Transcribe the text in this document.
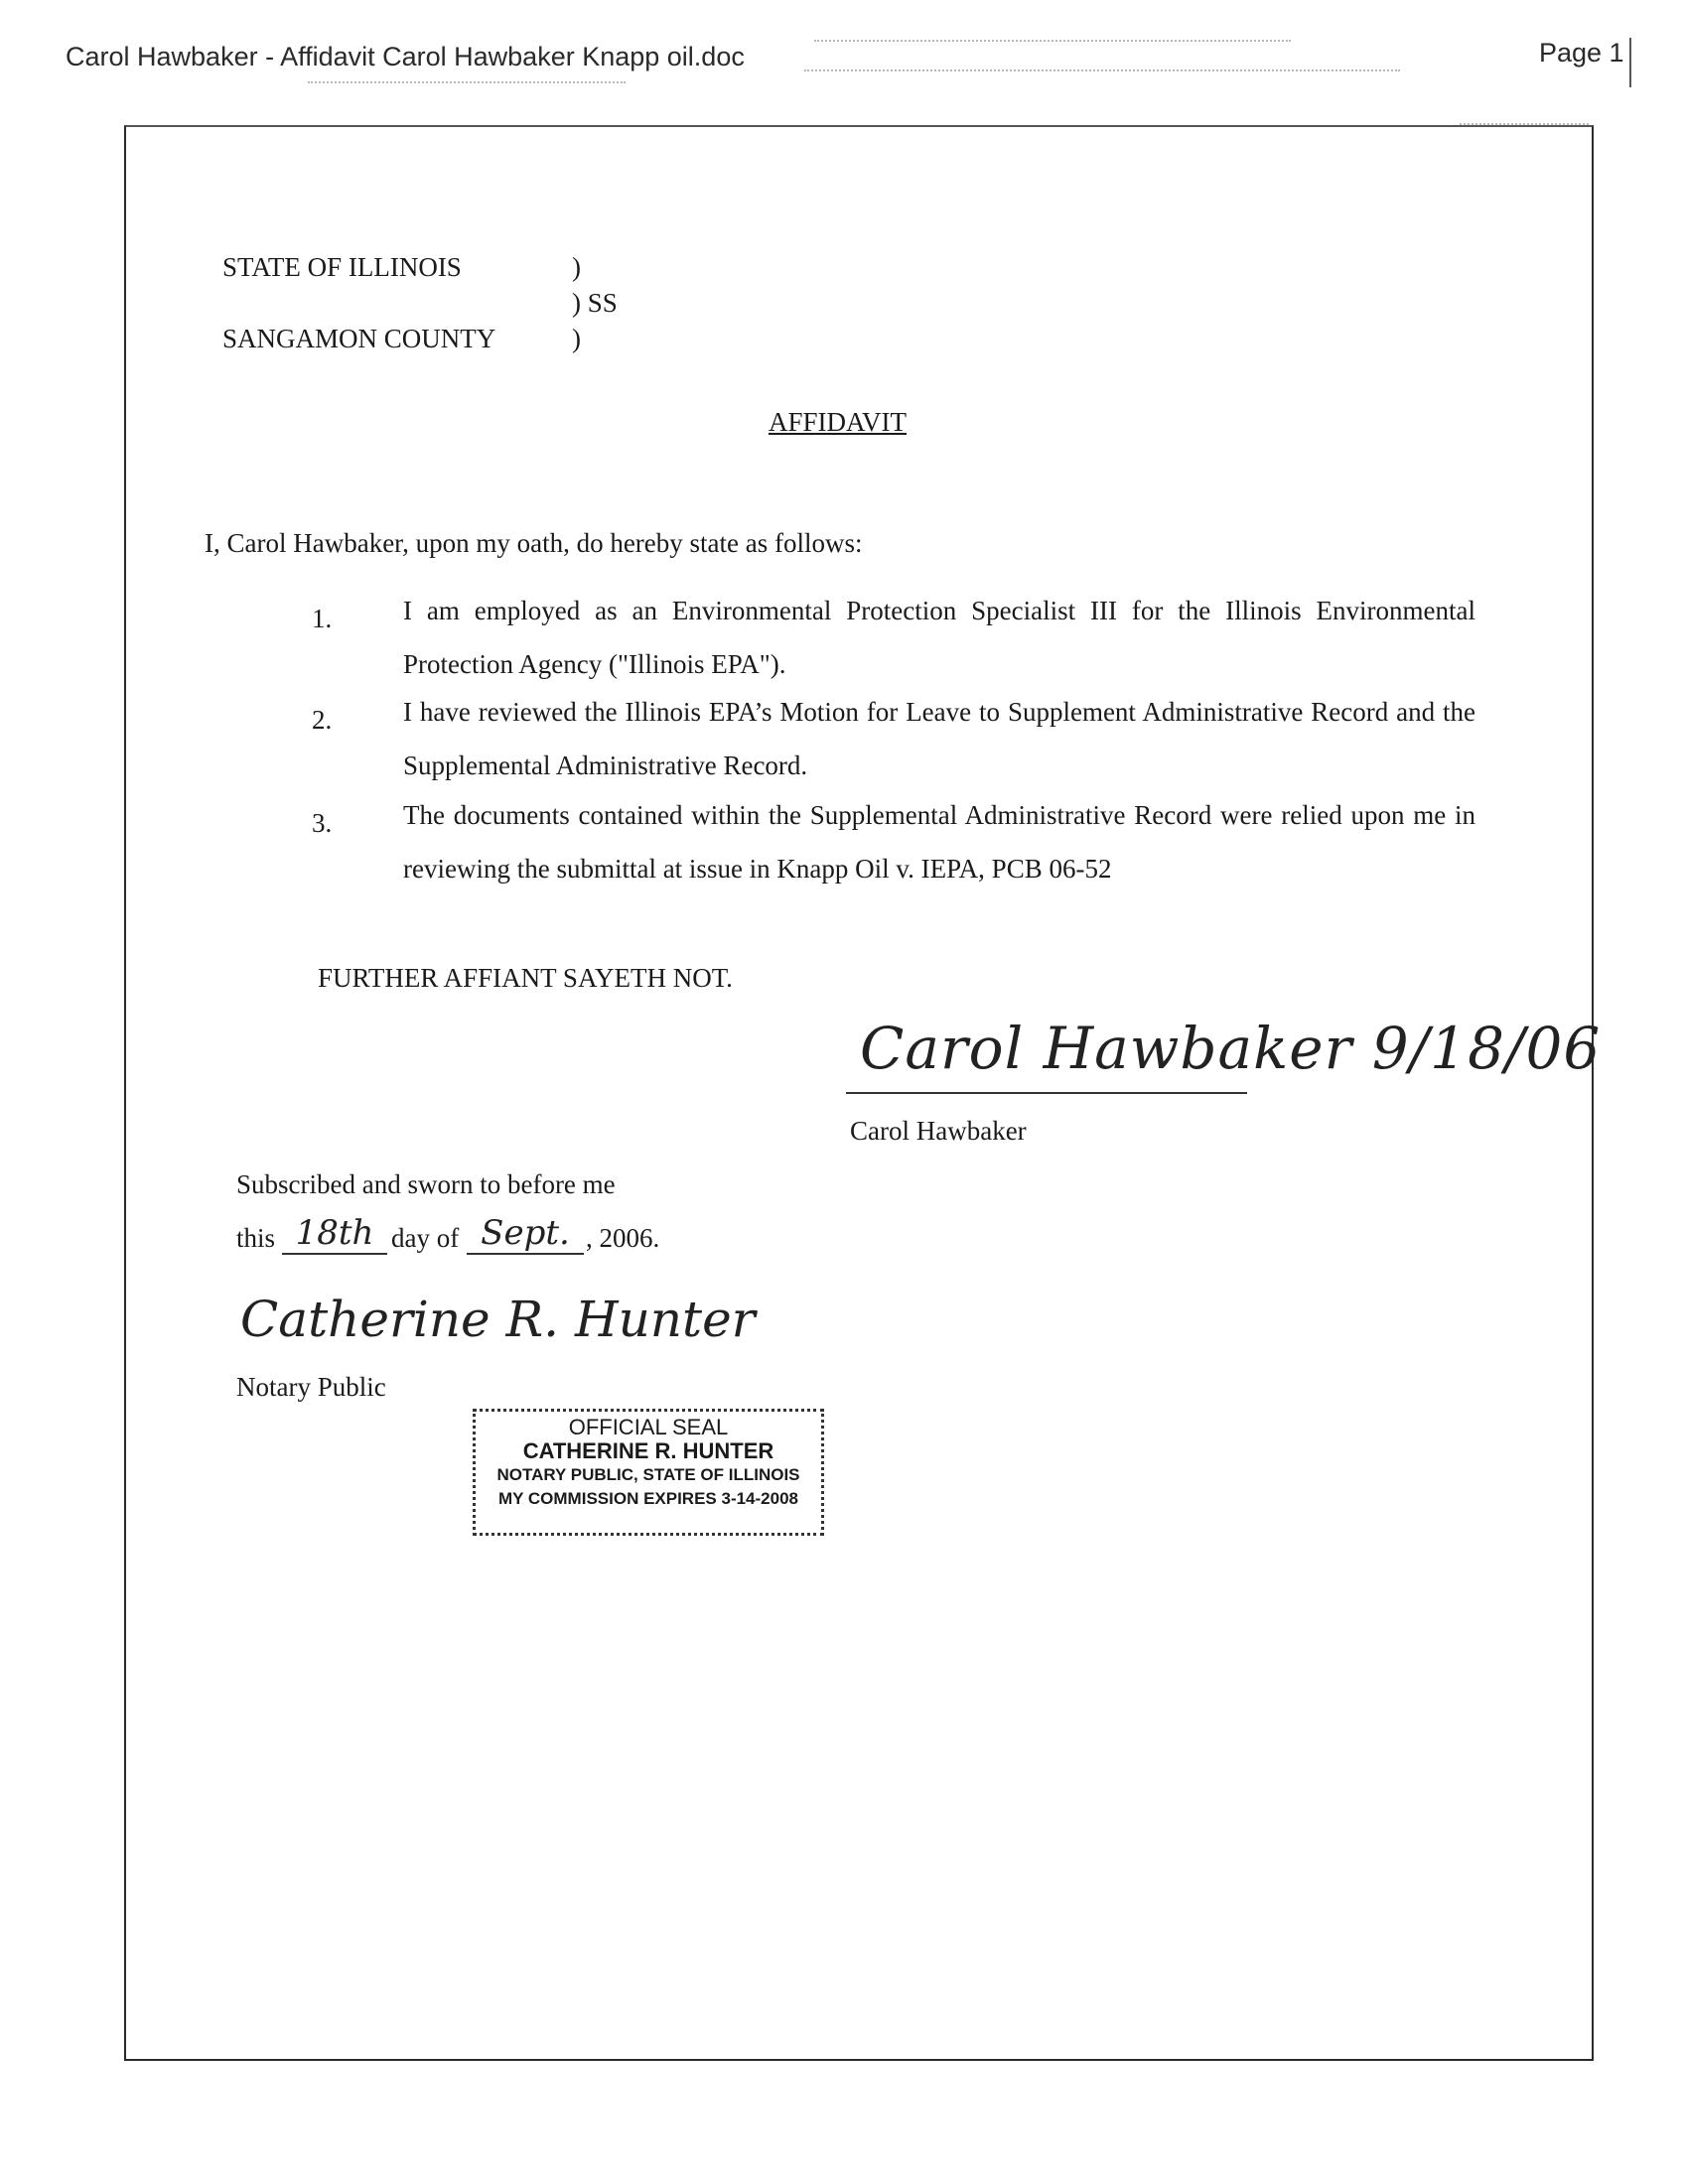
Carol Hawbaker - Affidavit Carol Hawbaker Knapp oil.doc	Page 1
STATE OF ILLINOIS	)
) SS
SANGAMON COUNTY	)
AFFIDAVIT
I, Carol Hawbaker, upon my oath, do hereby state as follows:
1.	I am employed as an Environmental Protection Specialist III for the Illinois Environmental Protection Agency ("Illinois EPA").
2.	I have reviewed the Illinois EPA’s Motion for Leave to Supplement Administrative Record and the Supplemental Administrative Record.
3.	The documents contained within the Supplemental Administrative Record were relied upon me in reviewing the submittal at issue in Knapp Oil v. IEPA, PCB 06-52
FURTHER AFFIANT SAYETH NOT.
Carol Hawbaker 9/18/06
Carol Hawbaker
Subscribed and sworn to before me
this 18th day of Sept. , 2006.
Catherine R. Hunter
Notary Public
OFFICIAL SEAL
CATHERINE R. HUNTER
NOTARY PUBLIC, STATE OF ILLINOIS
MY COMMISSION EXPIRES 3-14-2008
